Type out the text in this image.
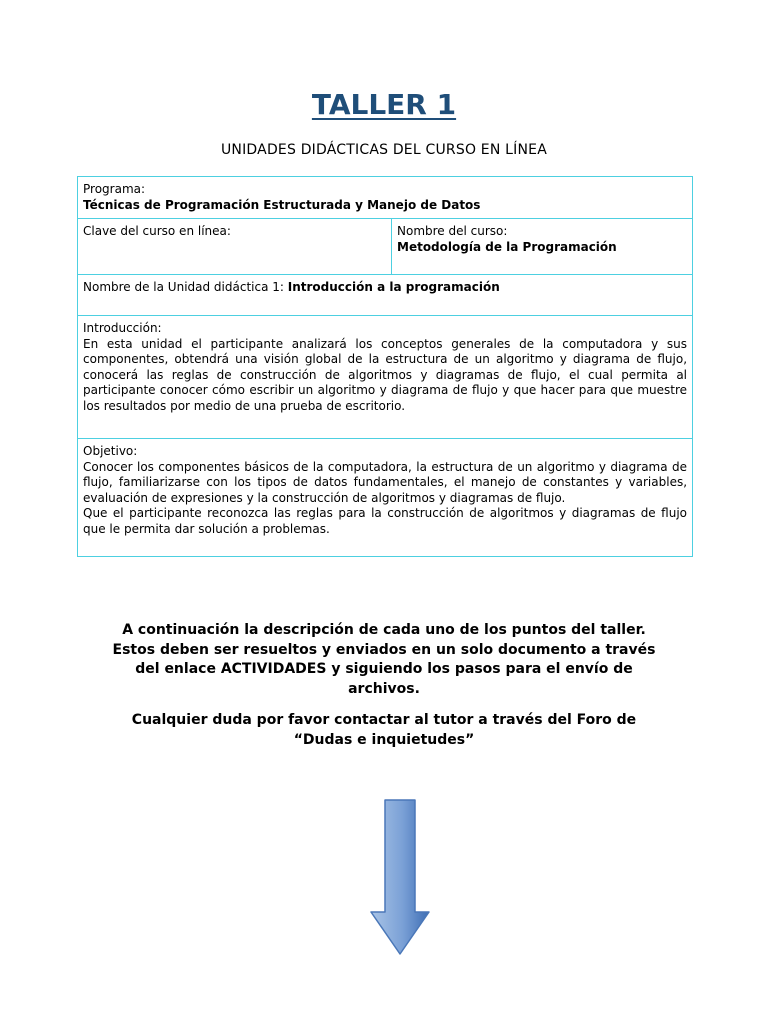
TALLER 1

UNIDADES DIDÁCTICAS DEL CURSO EN LÍNEA

Programa:
Técnicas de Programación Estructurada y Manejo de Datos

Clave del curso en línea:	Nombre del curso:
Metodología de la Programación

Nombre de la Unidad didáctica 1: Introducción a la programación

Introducción:
En esta unidad el participante analizará los conceptos generales de la computadora y sus componentes, obtendrá una visión global de la estructura de un algoritmo y diagrama de flujo, conocerá las reglas de construcción de algoritmos y diagramas de flujo, el cual permita al participante conocer cómo escribir un algoritmo y diagrama de flujo y que hacer para que muestre los resultados por medio de una prueba de escritorio.

Objetivo:
Conocer los componentes básicos de la computadora, la estructura de un algoritmo y diagrama de flujo, familiarizarse con los tipos de datos fundamentales, el manejo de constantes y variables, evaluación de expresiones y la construcción de algoritmos y diagramas de flujo.
Que el participante reconozca las reglas para la construcción de algoritmos y diagramas de flujo que le permita dar solución a problemas.

A continuación la descripción de cada uno de los puntos del taller. Estos deben ser resueltos y enviados en un solo documento a través del enlace ACTIVIDADES y siguiendo los pasos para el envío de archivos.

Cualquier duda por favor contactar al tutor a través del Foro de “Dudas e inquietudes”
